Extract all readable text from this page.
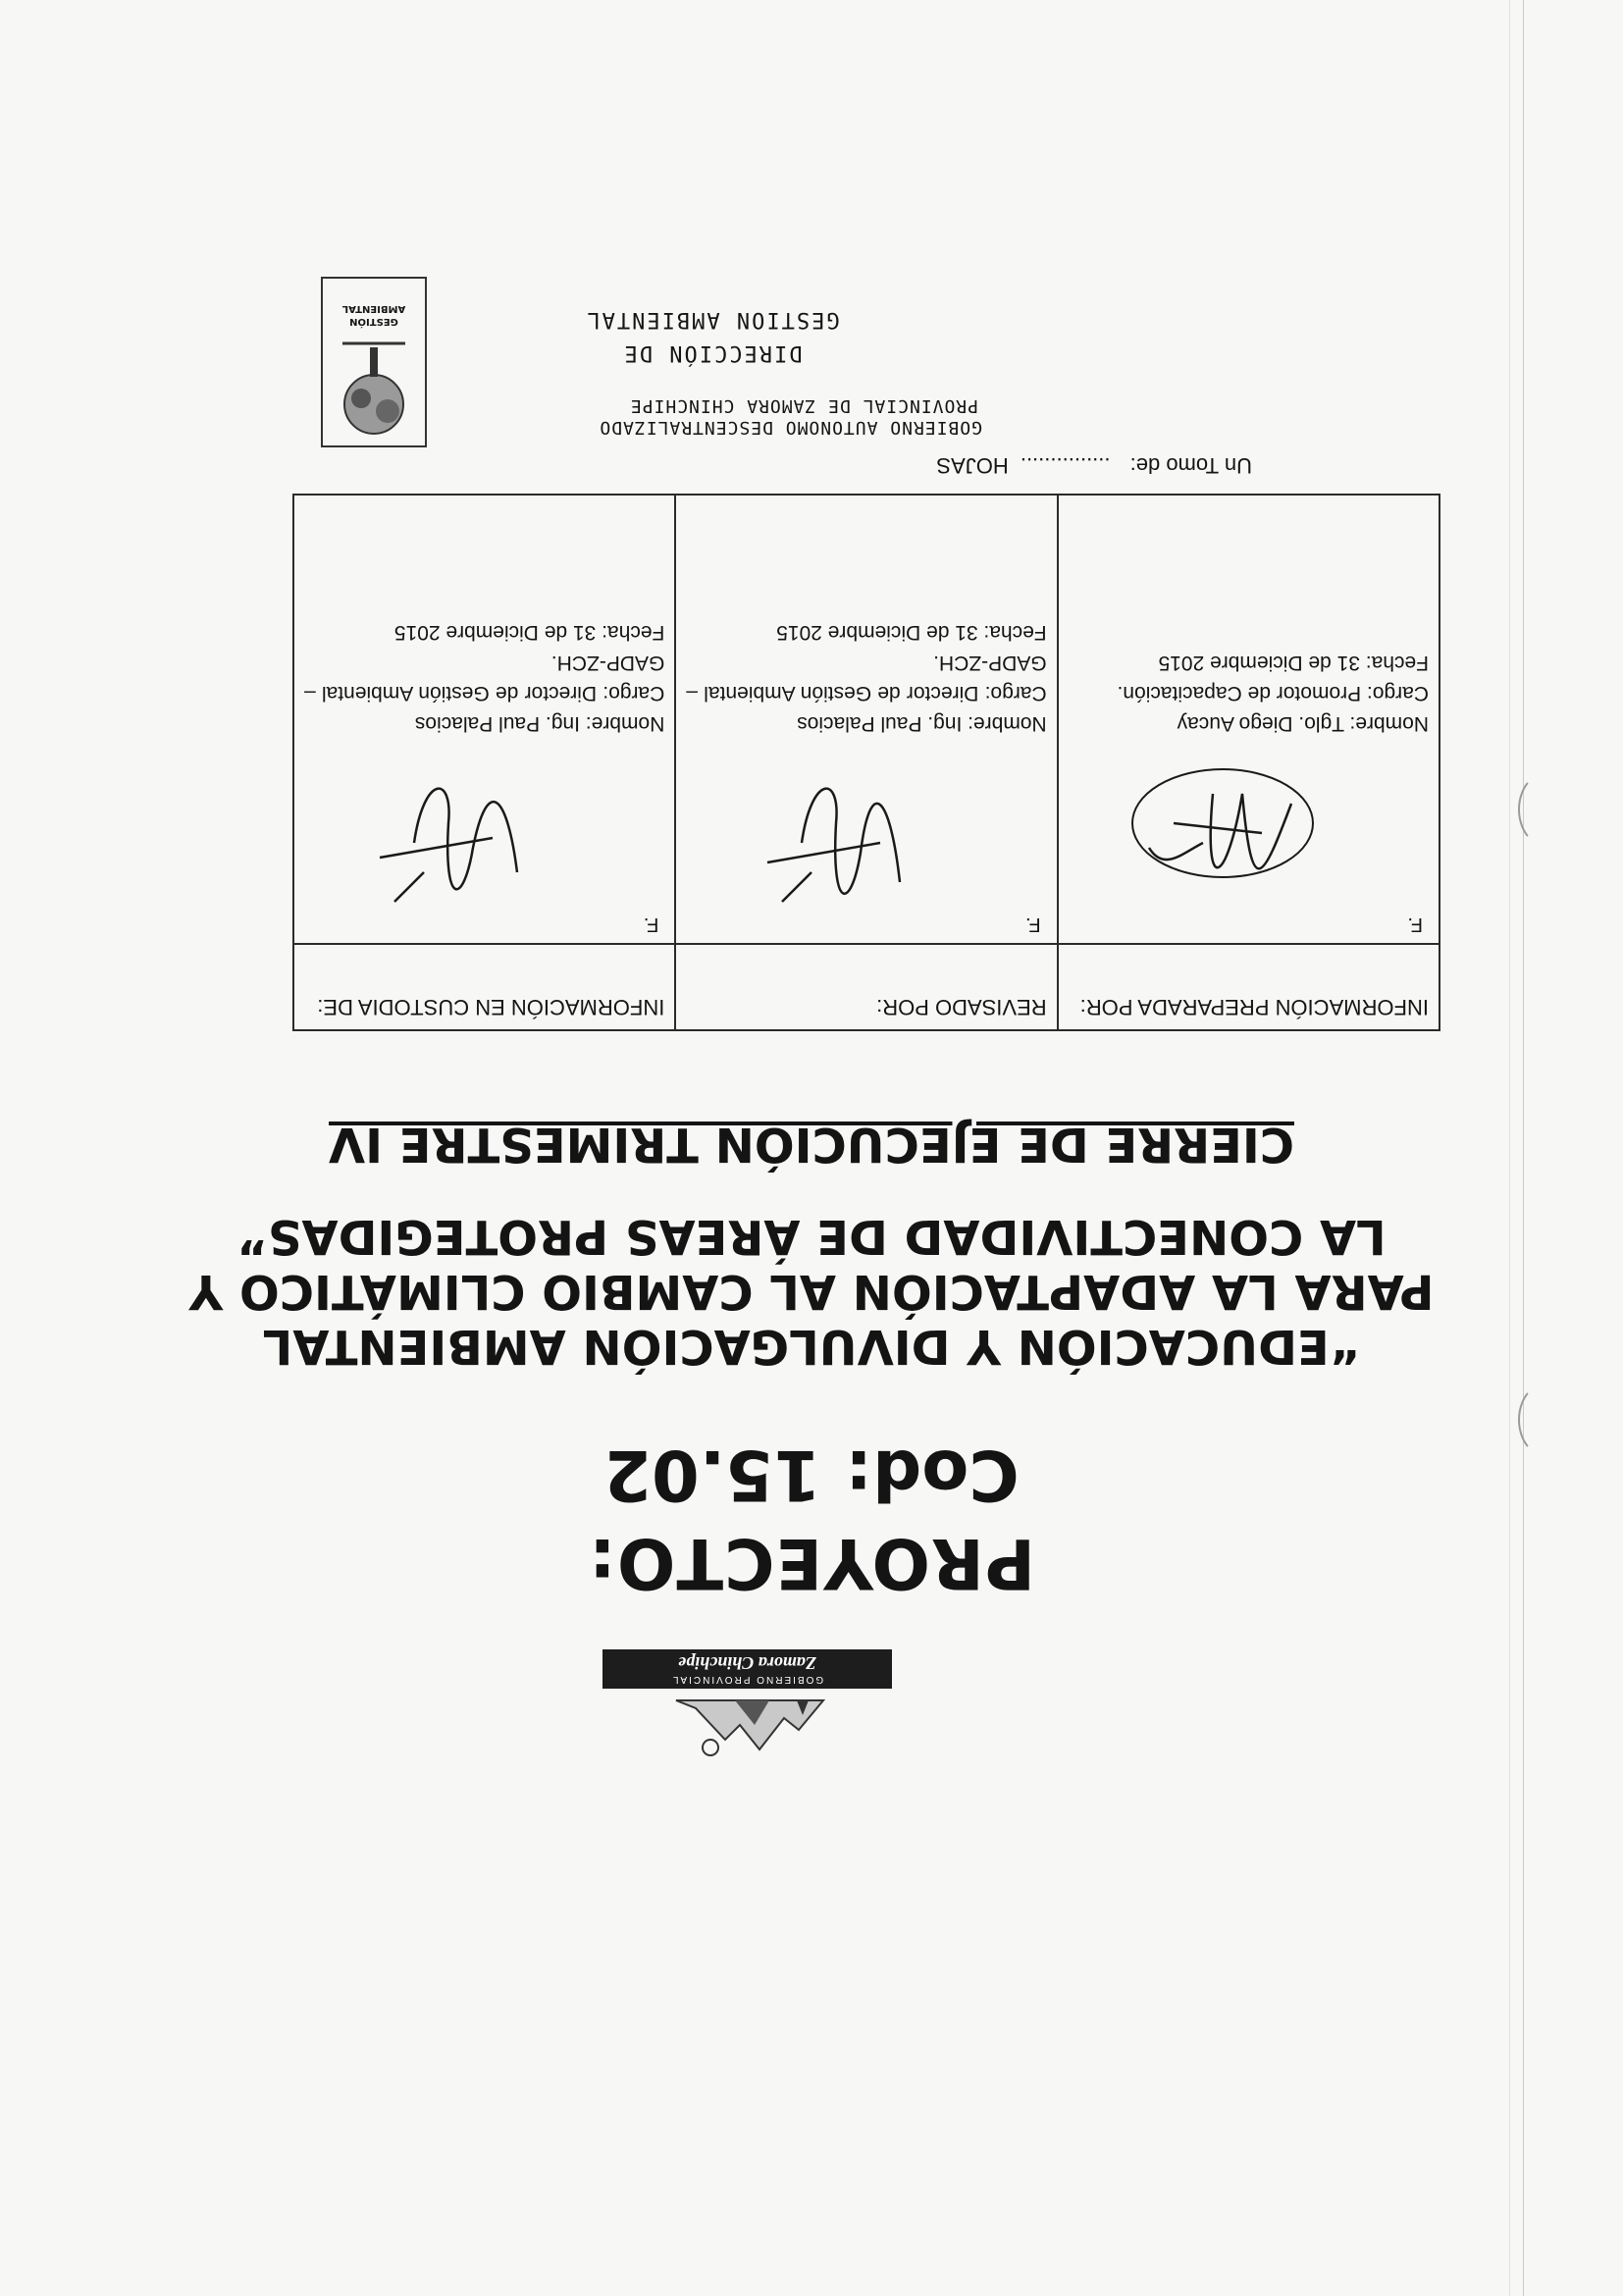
GOBIERNO PROVINCIAL
Zamora Chinchipe
PROYECTO:
Cod: 15.02
“EDUCACIÓN Y DIVULGACIÓN AMBIENTAL
PARA LA ADAPTACIÓN AL CAMBIO CLIMÁTICO Y
LA CONECTIVIDAD DE ÁREAS PROTEGIDAS”
CIERRE DE EJECUCIÓN TRIMESTRE IV
INFORMACIÓN PREPARADA POR:	REVISADO POR:	INFORMACIÓN EN CUSTODIA DE:

F.
Nombre: Tglo. Diego Aucay
Cargo: Promotor de Capacitación.
Fecha: 31 de Diciembre 2015	F.
Nombre: Ing. Paul Palacios
Cargo: Director de Gestión Ambiental – GADP-ZCH.
Fecha: 31 de Diciembre 2015	F.
Nombre: Ing. Paul Palacios
Cargo: Director de Gestión Ambiental – GADP-ZCH.
Fecha: 31 de Diciembre 2015
Un Tomo de: ............... HOJAS
GOBIERNO AUTONOMO DESCENTRALIZADO
PROVINCIAL DE ZAMORA CHINCHIPE
DIRECCIÓN DE
GESTION AMBIENTAL
GESTIÓN AMBIENTAL
